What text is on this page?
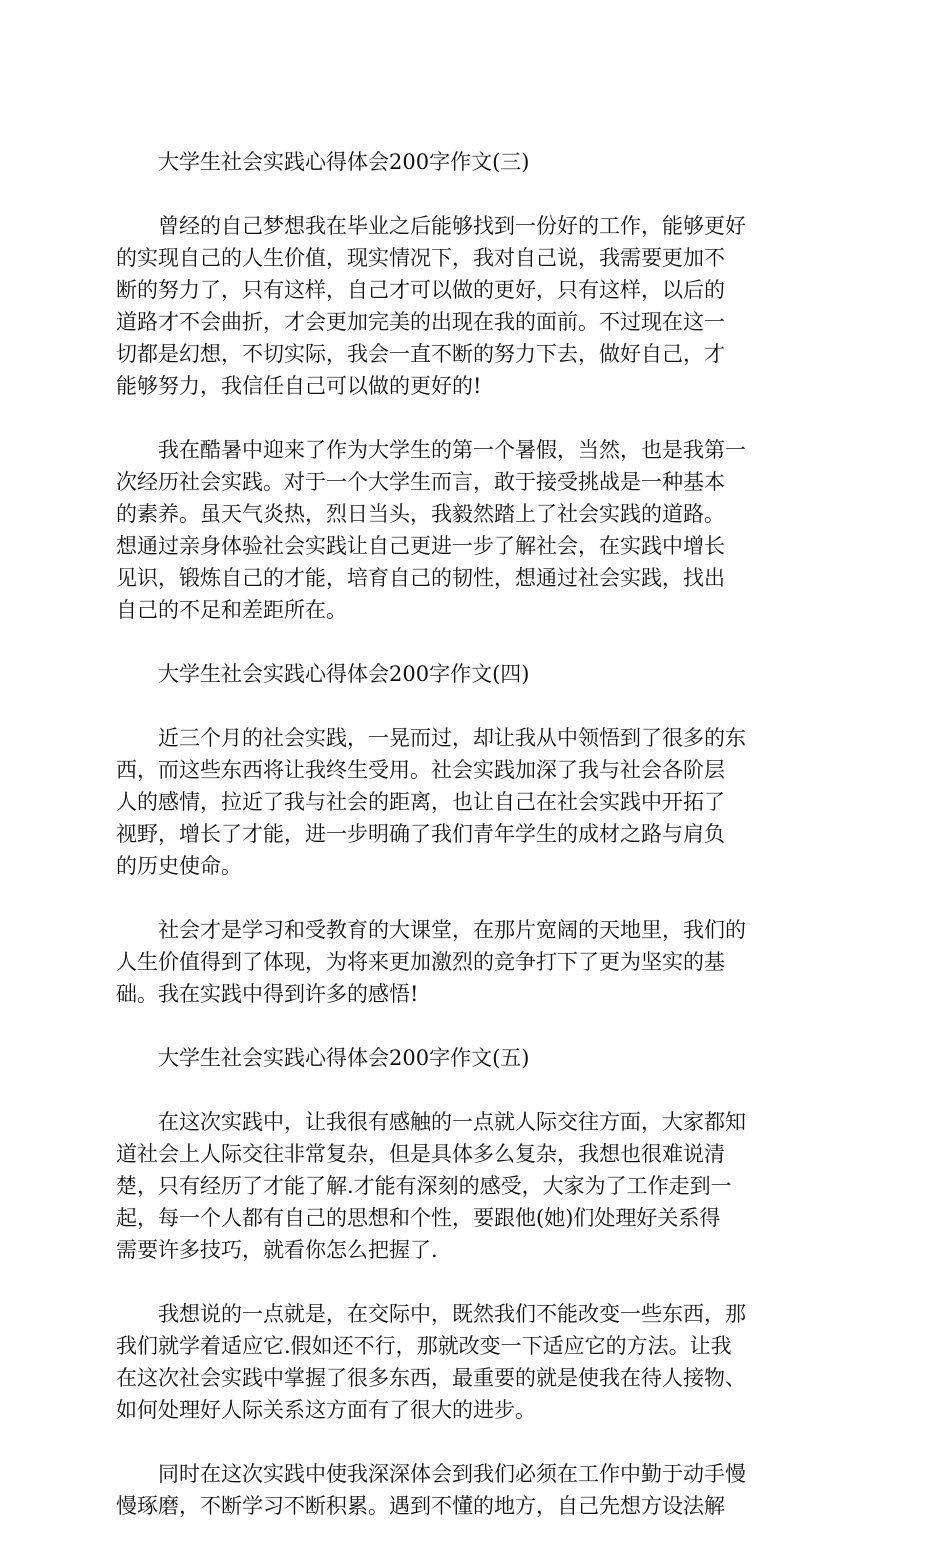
大学生社会实践心得体会200字作文(三)
曾经的自己梦想我在毕业之后能够找到一份好的工作，能够更好
的实现自己的人生价值，现实情况下，我对自己说，我需要更加不
断的努力了，只有这样，自己才可以做的更好，只有这样，以后的
道路才不会曲折，才会更加完美的出现在我的面前。不过现在这一
切都是幻想，不切实际，我会一直不断的努力下去，做好自己，才
能够努力，我信任自己可以做的更好的!
我在酷暑中迎来了作为大学生的第一个暑假，当然，也是我第一
次经历社会实践。对于一个大学生而言，敢于接受挑战是一种基本
的素养。虽天气炎热，烈日当头，我毅然踏上了社会实践的道路。
想通过亲身体验社会实践让自己更进一步了解社会，在实践中增长
见识，锻炼自己的才能，培育自己的韧性，想通过社会实践，找出
自己的不足和差距所在。
大学生社会实践心得体会200字作文(四)
近三个月的社会实践，一晃而过，却让我从中领悟到了很多的东
西，而这些东西将让我终生受用。社会实践加深了我与社会各阶层
人的感情，拉近了我与社会的距离，也让自己在社会实践中开拓了
视野，增长了才能，进一步明确了我们青年学生的成材之路与肩负
的历史使命。
社会才是学习和受教育的大课堂，在那片宽阔的天地里，我们的
人生价值得到了体现，为将来更加激烈的竞争打下了更为坚实的基
础。我在实践中得到许多的感悟!
大学生社会实践心得体会200字作文(五)
在这次实践中，让我很有感触的一点就人际交往方面，大家都知
道社会上人际交往非常复杂，但是具体多么复杂，我想也很难说清
楚，只有经历了才能了解.才能有深刻的感受，大家为了工作走到一
起，每一个人都有自己的思想和个性，要跟他(她)们处理好关系得
需要许多技巧，就看你怎么把握了.
我想说的一点就是，在交际中，既然我们不能改变一些东西，那
我们就学着适应它.假如还不行，那就改变一下适应它的方法。让我
在这次社会实践中掌握了很多东西，最重要的就是使我在待人接物、
如何处理好人际关系这方面有了很大的进步。
同时在这次实践中使我深深体会到我们必须在工作中勤于动手慢
慢琢磨，不断学习不断积累。遇到不懂的地方，自己先想方设法解
